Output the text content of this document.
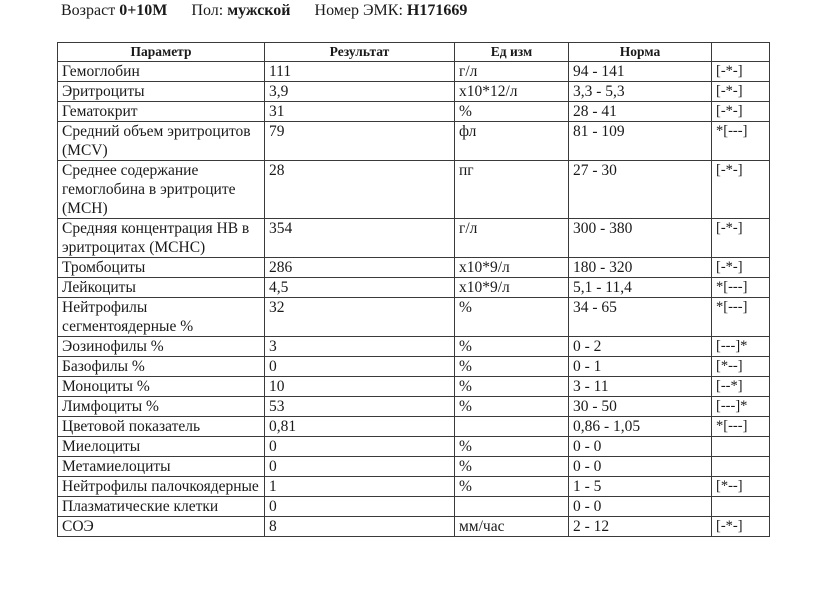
Возраст 0+10М Пол: мужской Номер ЭМК: H171669
Параметр	Результат	Ед изм	Норма	
Гемоглобин	111	г/л	94 - 141	[-*-]
Эритроциты	3,9	x10*12/л	3,3 - 5,3	[-*-]
Гематокрит	31	%	28 - 41	[-*-]
Средний объем эритроцитов (MCV)	79	фл	81 - 109	*[---]
Среднее содержание гемоглобина в эритроците (МСН)	28	пг	27 - 30	[-*-]
Средняя концентрация НВ в эритроцитах (МСНС)	354	г/л	300 - 380	[-*-]
Тромбоциты	286	x10*9/л	180 - 320	[-*-]
Лейкоциты	4,5	x10*9/л	5,1 - 11,4	*[---]
Нейтрофилы сегментоядерные %	32	%	34 - 65	*[---]
Эозинофилы %	3	%	0 - 2	[---]*
Базофилы %	0	%	0 - 1	[*--]
Моноциты %	10	%	3 - 11	[--*]
Лимфоциты %	53	%	30 - 50	[---]*
Цветовой показатель	0,81		0,86 - 1,05	*[---]
Миелоциты	0	%	0 - 0	
Метамиелоциты	0	%	0 - 0	
Нейтрофилы палочкоядерные	1	%	1 - 5	[*--]
Плазматические клетки	0		0 - 0	
СОЭ	8	мм/час	2 - 12	[-*-]
